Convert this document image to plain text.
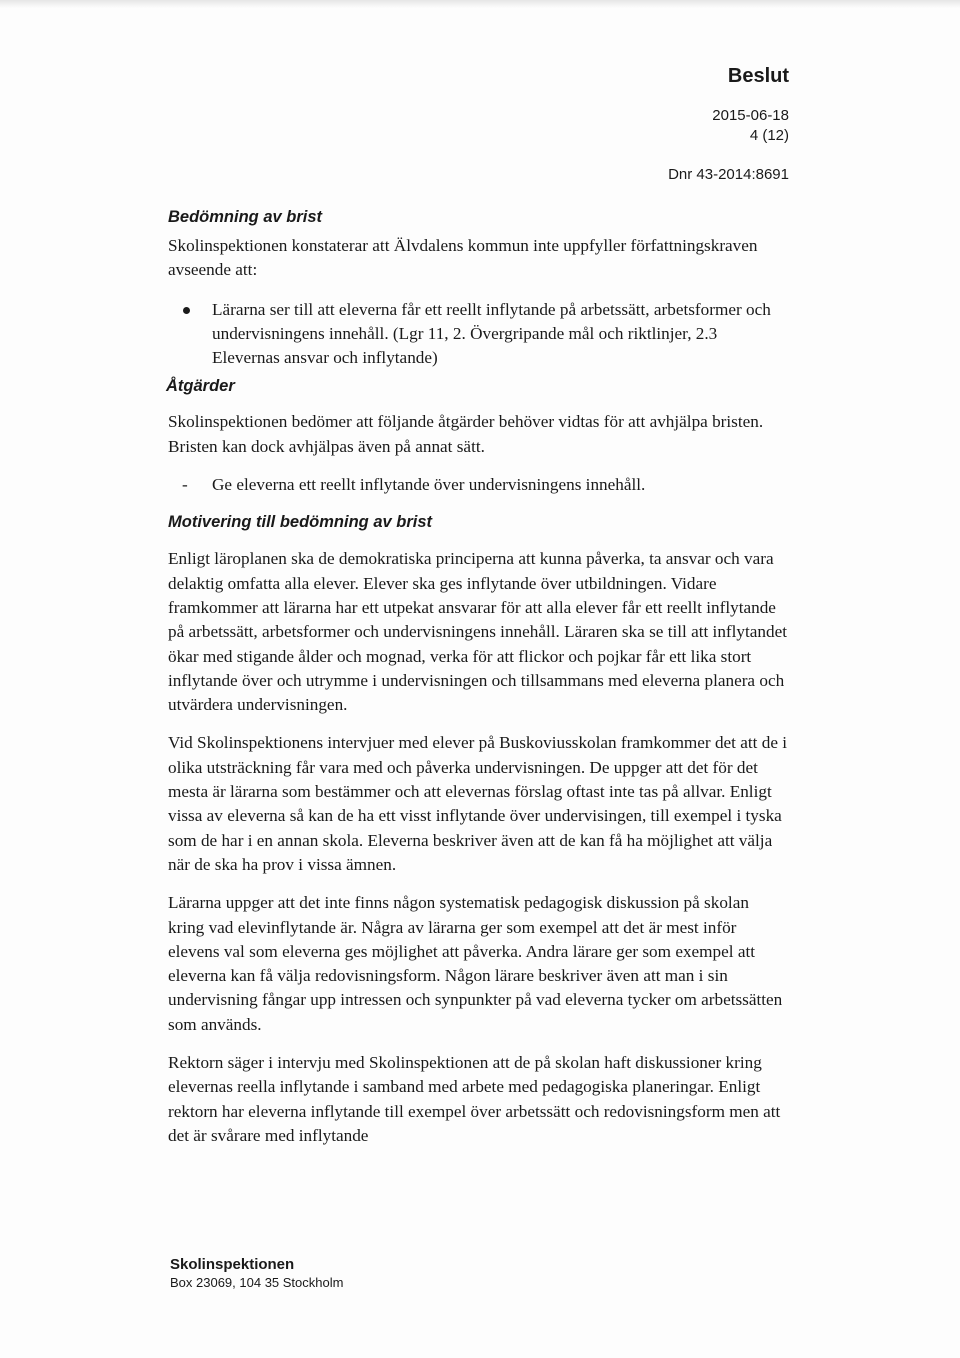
Beslut
2015-06-18
4 (12)
Dnr 43-2014:8691
Bedömning av brist

Skolinspektionen konstaterar att Älvdalens kommun inte uppfyller författningskraven avseende att:

Lärarna ser till att eleverna får ett reellt inflytande på arbetssätt, arbetsformer och undervisningens innehåll. (Lgr 11, 2. Övergripande mål och riktlinjer, 2.3 Elevernas ansvar och inflytande)
Åtgärder

Skolinspektionen bedömer att följande åtgärder behöver vidtas för att avhjälpa bristen. Bristen kan dock avhjälpas även på annat sätt.

- Ge eleverna ett reellt inflytande över undervisningens innehåll.
Motivering till bedömning av brist

Enligt läroplanen ska de demokratiska principerna att kunna påverka, ta ansvar och vara delaktig omfatta alla elever. Elever ska ges inflytande över utbildningen. Vidare framkommer att lärarna har ett utpekat ansvarar för att alla elever får ett reellt inflytande på arbetssätt, arbetsformer och undervisningens innehåll. Läraren ska se till att inflytandet ökar med stigande ålder och mognad, verka för att flickor och pojkar får ett lika stort inflytande över och utrymme i undervisningen och tillsammans med eleverna planera och utvärdera undervisningen.

Vid Skolinspektionens intervjuer med elever på Buskoviusskolan framkommer det att de i olika utsträckning får vara med och påverka undervisningen. De uppger att det för det mesta är lärarna som bestämmer och att elevernas förslag oftast inte tas på allvar. Enligt vissa av eleverna så kan de ha ett visst inflytande över undervisingen, till exempel i tyska som de har i en annan skola. Eleverna beskriver även att de kan få ha möjlighet att välja när de ska ha prov i vissa ämnen.

Lärarna uppger att det inte finns någon systematisk pedagogisk diskussion på skolan kring vad elevinflytande är. Några av lärarna ger som exempel att det är mest inför elevens val som eleverna ges möjlighet att påverka. Andra lärare ger som exempel att eleverna kan få välja redovisningsform. Någon lärare beskriver även att man i sin undervisning fångar upp intressen och synpunkter på vad eleverna tycker om arbetssätten som används.

Rektorn säger i intervju med Skolinspektionen att de på skolan haft diskussioner kring elevernas reella inflytande i samband med arbete med pedagogiska planeringar. Enligt rektorn har eleverna inflytande till exempel över arbetssätt och redovisningsform men att det är svårare med inflytande

Skolinspektionen
Box 23069, 104 35 Stockholm
